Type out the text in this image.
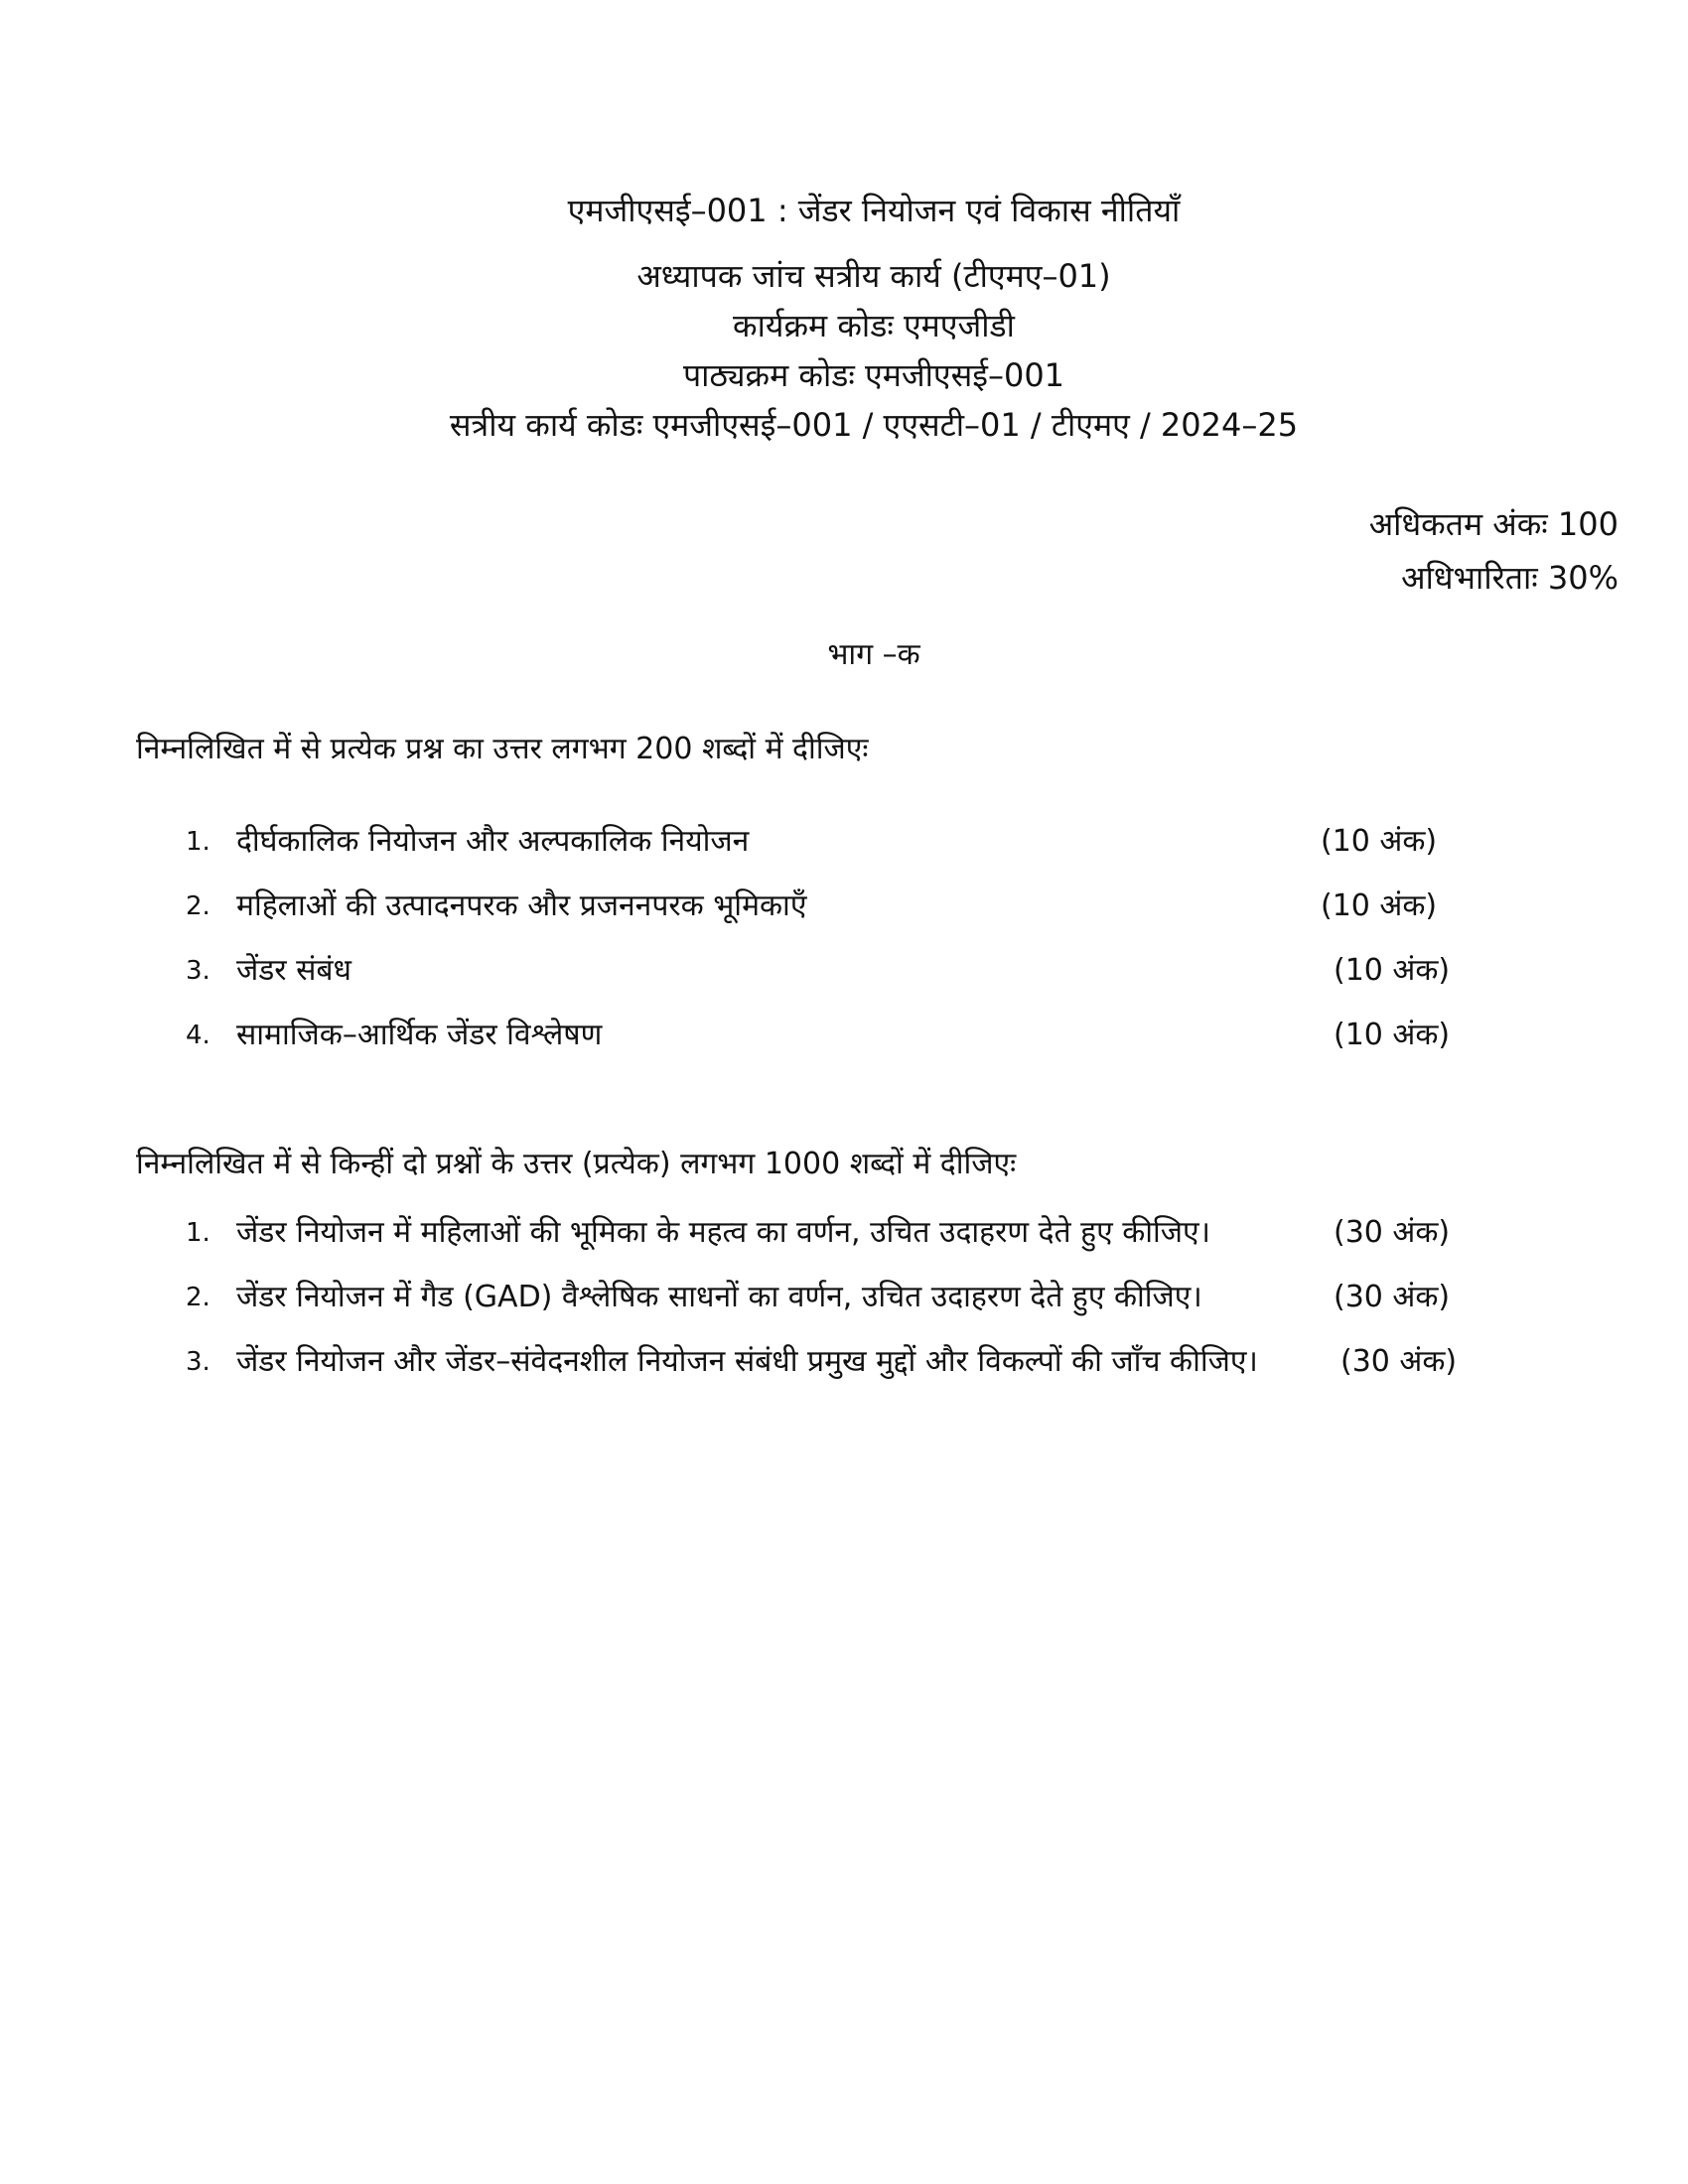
एमजीएसई–001 : जेंडर नियोजन एवं विकास नीतियाँ
अध्यापक जांच सत्रीय कार्य (टीएमए–01)
कार्यक्रम कोडः एमएजीडी
पाठ्यक्रम कोडः एमजीएसई–001
सत्रीय कार्य कोडः एमजीएसई–001 / एएसटी–01 / टीएमए / 2024–25
अधिकतम अंकः 100
अधिभारिताः 30%
भाग –क
निम्नलिखित में से प्रत्येक प्रश्न का उत्तर लगभग 200 शब्दों में दीजिएः
1. दीर्घकालिक नियोजन और अल्पकालिक नियोजन	(10 अंक)
2. महिलाओं की उत्पादनपरक और प्रजननपरक भूमिकाएँ	(10 अंक)
3. जेंडर संबंध	(10 अंक)
4. सामाजिक–आर्थिक जेंडर विश्लेषण	(10 अंक)
निम्नलिखित में से किन्हीं दो प्रश्नों के उत्तर (प्रत्येक) लगभग 1000 शब्दों में दीजिएः
1. जेंडर नियोजन में महिलाओं की भूमिका के महत्व का वर्णन, उचित उदाहरण देते हुए कीजिए।	(30 अंक)
2. जेंडर नियोजन में गैड (GAD) वैश्लेषिक साधनों का वर्णन, उचित उदाहरण देते हुए कीजिए।	(30 अंक)
3. जेंडर नियोजन और जेंडर–संवेदनशील नियोजन संबंधी प्रमुख मुद्दों और विकल्पों की जाँच कीजिए।	(30 अंक)
